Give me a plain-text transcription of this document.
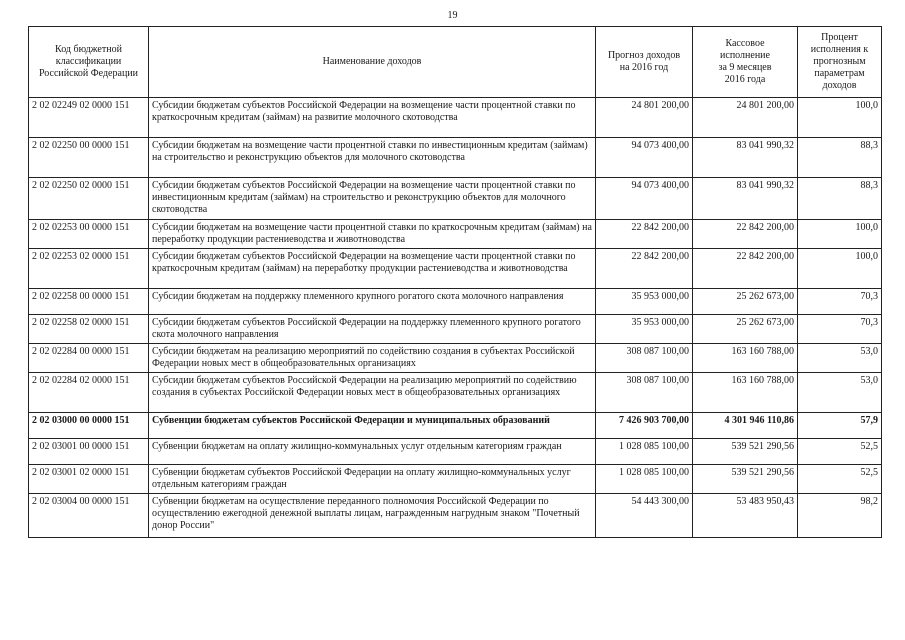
19
Код бюджетной
классификации
Российской Федерации	Наименование доходов	Прогноз доходов
на 2016 год	Кассовое
исполнение
за 9 месяцев
2016 года	Процент
исполнения к
прогнозным
параметрам
доходов
2 02 02249 02 0000 151	Субсидии бюджетам субъектов Российской Федерации на возмещение части процентной ставки по краткосрочным кредитам (займам) на развитие молочного скотоводства	24 801 200,00	24 801 200,00	100,0
2 02 02250 00 0000 151	Субсидии бюджетам на возмещение части процентной ставки по инвестиционным кредитам (займам) на строительство и реконструкцию объектов для молочного скотоводства	94 073 400,00	83 041 990,32	88,3
2 02 02250 02 0000 151	Субсидии бюджетам субъектов Российской Федерации на возмещение части процентной ставки по инвестиционным кредитам (займам) на строительство и реконструкцию объектов для молочного скотоводства	94 073 400,00	83 041 990,32	88,3
2 02 02253 00 0000 151	Субсидии бюджетам на возмещение части процентной ставки по краткосрочным кредитам (займам) на переработку продукции растениеводства и животноводства	22 842 200,00	22 842 200,00	100,0
2 02 02253 02 0000 151	Субсидии бюджетам субъектов Российской Федерации на возмещение части процентной ставки по краткосрочным кредитам (займам) на переработку продукции растениеводства и животноводства	22 842 200,00	22 842 200,00	100,0
2 02 02258 00 0000 151	Субсидии бюджетам на поддержку племенного крупного рогатого скота молочного направления	35 953 000,00	25 262 673,00	70,3
2 02 02258 02 0000 151	Субсидии бюджетам субъектов Российской Федерации на поддержку племенного крупного рогатого скота молочного направления	35 953 000,00	25 262 673,00	70,3
2 02 02284 00 0000 151	Субсидии бюджетам на реализацию мероприятий по содействию создания в субъектах Российской Федерации новых мест в общеобразовательных организациях	308 087 100,00	163 160 788,00	53,0
2 02 02284 02 0000 151	Субсидии бюджетам субъектов Российской Федерации на реализацию мероприятий по содействию создания в субъектах Российской Федерации новых мест в общеобразовательных организациях	308 087 100,00	163 160 788,00	53,0
2 02 03000 00 0000 151	Субвенции бюджетам субъектов Российской Федерации и муниципальных образований	7 426 903 700,00	4 301 946 110,86	57,9
2 02 03001 00 0000 151	Субвенции бюджетам на оплату жилищно-коммунальных услуг отдельным категориям граждан	1 028 085 100,00	539 521 290,56	52,5
2 02 03001 02 0000 151	Субвенции бюджетам субъектов Российской Федерации на оплату жилищно-коммунальных услуг отдельным категориям граждан	1 028 085 100,00	539 521 290,56	52,5
2 02 03004 00 0000 151	Субвенции бюджетам на осуществление переданного полномочия Российской Федерации по осуществлению ежегодной денежной выплаты лицам, награжденным нагрудным знаком "Почетный донор России"	54 443 300,00	53 483 950,43	98,2
